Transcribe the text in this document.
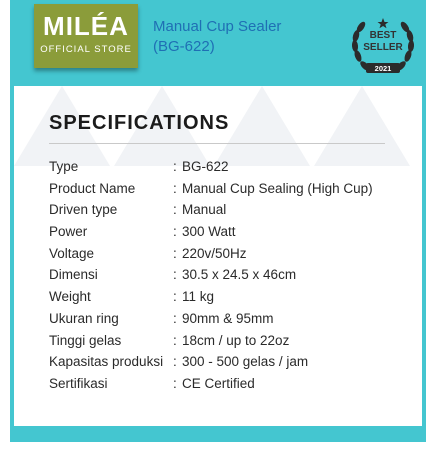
MILÉA
OFFICIAL STORE
Manual Cup Sealer
(BG-622)
BEST
SELLER
2021
SPECIFICATIONS
Type	: BG-622
Product Name	: Manual Cup Sealing (High Cup)
Driven type	: Manual
Power	: 300 Watt
Voltage	: 220v/50Hz
Dimensi	: 30.5 x 24.5 x 46cm
Weight	: 11 kg
Ukuran ring	: 90mm & 95mm
Tinggi gelas	: 18cm / up to 22oz
Kapasitas produksi : 300 - 500 gelas / jam
Sertifikasi	: CE Certified
